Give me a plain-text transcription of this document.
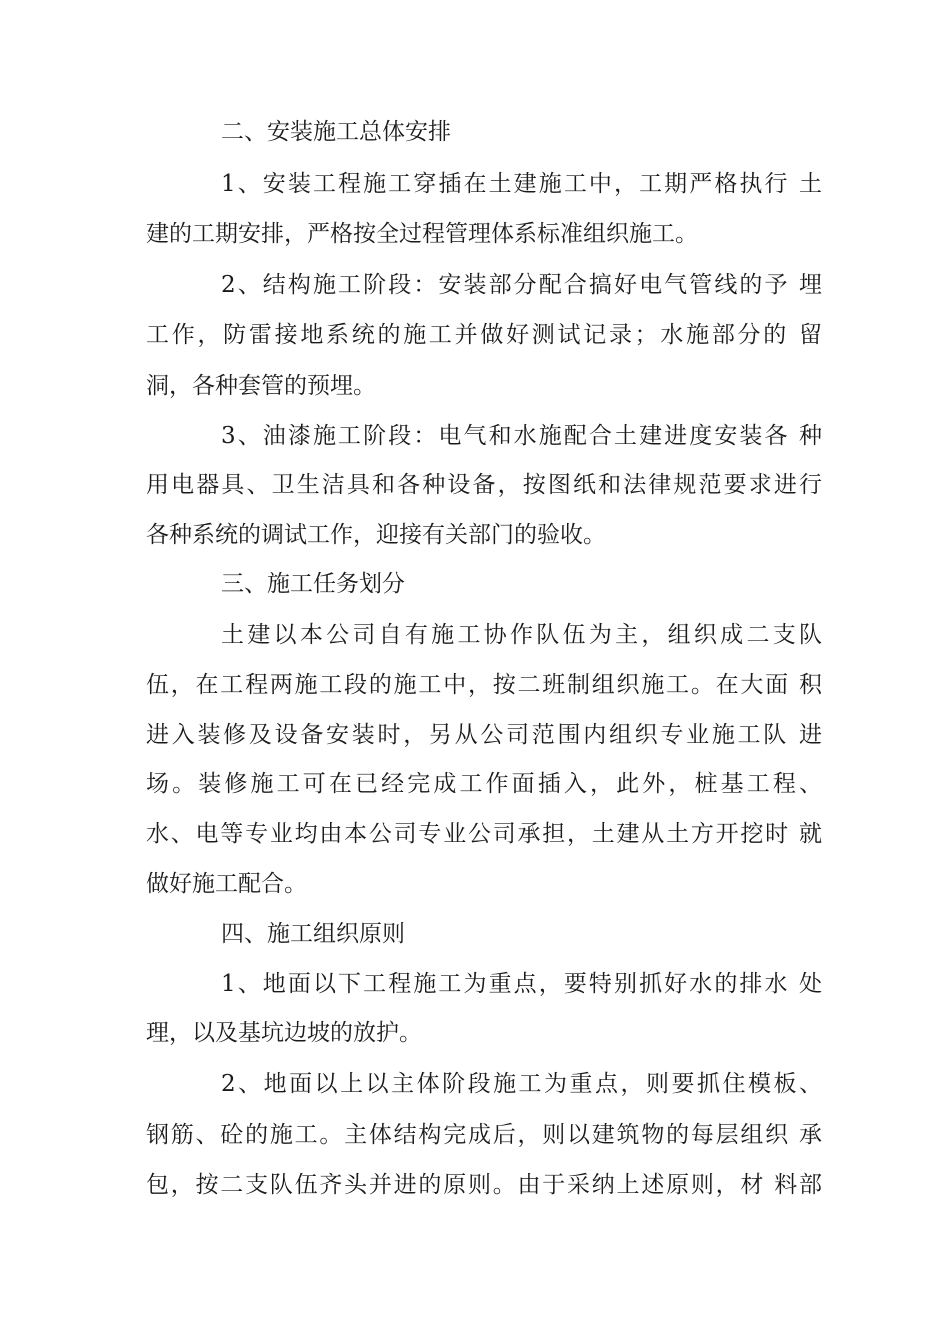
二、安装施工总体安排
1、安装工程施工穿插在土建施工中，工期严格执行 土
建的工期安排，严格按全过程管理体系标准组织施工。
2、结构施工阶段：安装部分配合搞好电气管线的予 埋
工作，防雷接地系统的施工并做好测试记录；水施部分的 留
洞，各种套管的预埋。
3、油漆施工阶段：电气和水施配合土建进度安装各 种
用电器具、卫生洁具和各种设备，按图纸和法律规范要求进行
各种系统的调试工作，迎接有关部门的验收。
三、施工任务划分
土建以本公司自有施工协作队伍为主，组织成二支队
伍，在工程两施工段的施工中，按二班制组织施工。在大面 积
进入装修及设备安装时，另从公司范围内组织专业施工队 进
场。装修施工可在已经完成工作面插入，此外，桩基工程、
水、电等专业均由本公司专业公司承担，土建从土方开挖时 就
做好施工配合。
四、施工组织原则
1、地面以下工程施工为重点，要特别抓好水的排水 处
理，以及基坑边坡的放护。
2、地面以上以主体阶段施工为重点，则要抓住模板、
钢筋、砼的施工。主体结构完成后，则以建筑物的每层组织 承
包，按二支队伍齐头并进的原则。由于采纳上述原则，材 料部
